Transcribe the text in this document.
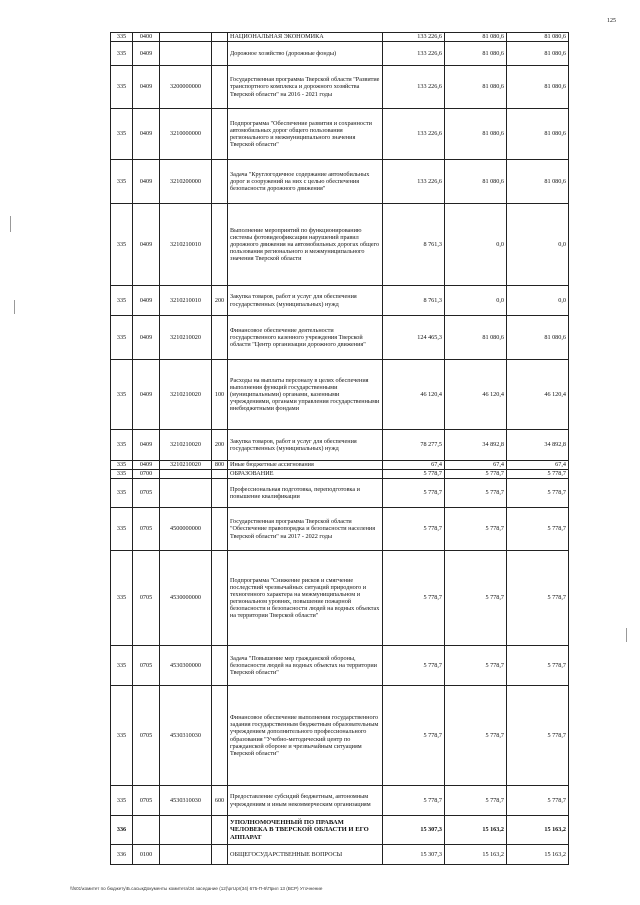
125
335	0400			НАЦИОНАЛЬНАЯ ЭКОНОМИКА	133 226,6	81 080,6	81 080,6
335	0409			Дорожное хозяйство (дорожные фонды)	133 226,6	81 080,6	81 080,6
335	0409	3200000000		Государственная программа Тверской области "Развитие транспортного комплекса и дорожного хозяйства Тверской области" на 2016 - 2021 годы	133 226,6	81 080,6	81 080,6
335	0409	3210000000		Подпрограмма "Обеспечение развития и сохранности автомобильных дорог общего пользования регионального и межмуниципального значения Тверской области"	133 226,6	81 080,6	81 080,6
335	0409	3210200000		Задача "Круглогодичное содержание автомобильных дорог и сооружений на них с целью обеспечения безопасности дорожного движения"	133 226,6	81 080,6	81 080,6
335	0409	3210210010		Выполнение мероприятий по функционированию системы фотовидеофиксации нарушений правил дорожного движения на автомобильных дорогах общего пользования регионального и межмуниципального значения Тверской области	8 761,3	0,0	0,0
335	0409	3210210010	200	Закупка товаров, работ и услуг для обеспечения государственных (муниципальных) нужд	8 761,3	0,0	0,0
335	0409	3210210020		Финансовое обеспечение деятельности государственного казенного учреждения Тверской области "Центр организации дорожного движения"	124 465,3	81 080,6	81 080,6
335	0409	3210210020	100	Расходы на выплаты персоналу в целях обеспечения выполнения функций государственными (муниципальными) органами, казенными учреждениями, органами управления государственными внебюджетными фондами	46 120,4	46 120,4	46 120,4
335	0409	3210210020	200	Закупка товаров, работ и услуг для обеспечения государственных (муниципальных) нужд	78 277,5	34 892,8	34 892,8
335	0409	3210210020	800	Иные бюджетные ассигнования	67,4	67,4	67,4
335	0700			ОБРАЗОВАНИЕ	5 778,7	5 778,7	5 778,7
335	0705			Профессиональная подготовка, переподготовка и повышение квалификации	5 778,7	5 778,7	5 778,7
335	0705	4500000000		Государственная программа Тверской области "Обеспечение правопорядка и безопасности населения Тверской области" на 2017 - 2022 годы	5 778,7	5 778,7	5 778,7
335	0705	4530000000		Подпрограмма "Снижение рисков и смягчение последствий чрезвычайных ситуаций природного и техногенного характера на межмуниципальном и региональном уровнях, повышение пожарной безопасности и безопасности людей на водных объектах на территории Тверской области"	5 778,7	5 778,7	5 778,7
335	0705	4530300000		Задача "Повышение мер гражданской обороны, безопасности людей на водных объектах на территории Тверской области"	5 778,7	5 778,7	5 778,7
335	0705	4530310030		Финансовое обеспечение выполнения государственного задания государственным бюджетным образовательным учреждением дополнительного профессионального образования "Учебно-методический центр по гражданской обороне и чрезвычайным ситуациям Тверской области"	5 778,7	5 778,7	5 778,7
335	0705	4530310030	600	Предоставление субсидий бюджетным, автономным учреждениям и иным некоммерческим организациям	5 778,7	5 778,7	5 778,7
336				УПОЛНОМОЧЕННЫЙ ПО ПРАВАМ ЧЕЛОВЕКА В ТВЕРСКОЙ ОБЛАСТИ И ЕГО АППАРАТ	15 307,3	15 163,2	15 163,2
336	0100			ОБЩЕГОСУДАРСТВЕННЫЕ ВОПРОСЫ	15 307,3	15 163,2	15 163,2
\\fs01\комитет по бюджету\Б.сасыкДокументы комитета\34 заседание (12)\prUpr(34) 675-П-6\Прил 13 (ВСР) Уточнение
